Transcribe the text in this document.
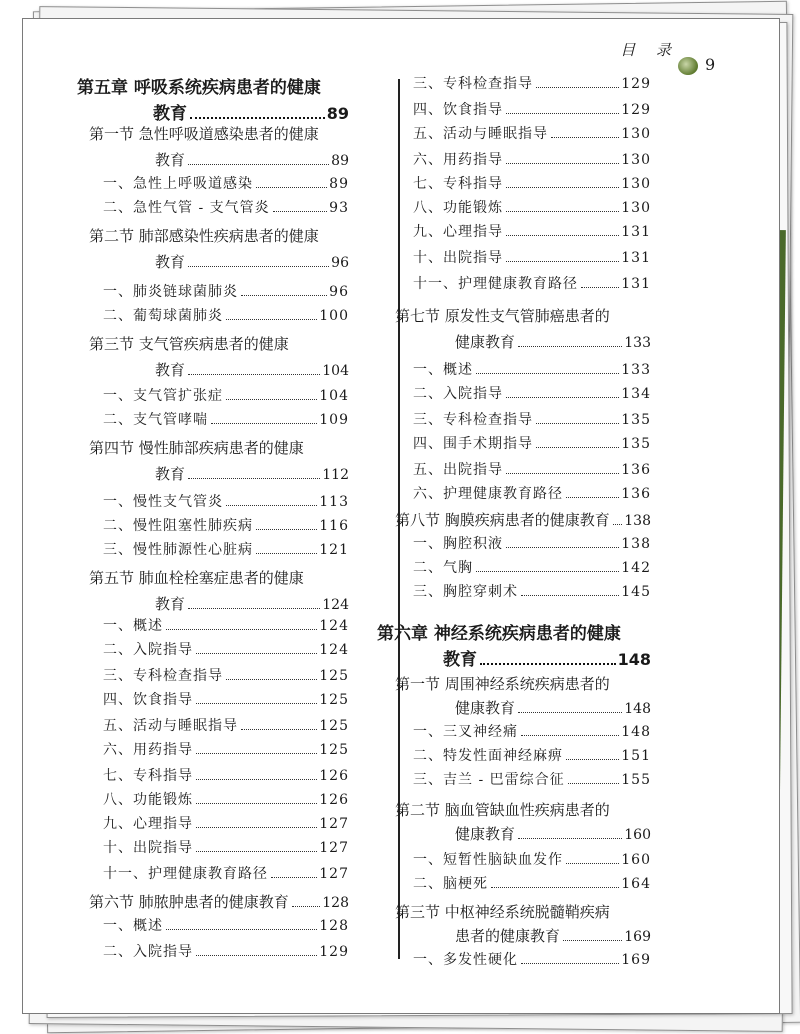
目 录
9
第五章 呼吸系统疾病患者的健康
教育	89
第一节 急性呼吸道感染患者的健康
教育	89
一、急性上呼吸道感染	89
二、急性气管 - 支气管炎	93
第二节 肺部感染性疾病患者的健康
教育	96
一、肺炎链球菌肺炎	96
二、葡萄球菌肺炎	100
第三节 支气管疾病患者的健康
教育	104
一、支气管扩张症	104
二、支气管哮喘	109
第四节 慢性肺部疾病患者的健康
教育	112
一、慢性支气管炎	113
二、慢性阻塞性肺疾病	116
三、慢性肺源性心脏病	121
第五节 肺血栓栓塞症患者的健康
教育	124
一、概述	124
二、入院指导	124
三、专科检查指导	125
四、饮食指导	125
五、活动与睡眠指导	125
六、用药指导	125
七、专科指导	126
八、功能锻炼	126
九、心理指导	127
十、出院指导	127
十一、护理健康教育路径	127
第六节 肺脓肿患者的健康教育 128
一、概述	128
二、入院指导	129
三、专科检查指导	129
四、饮食指导	129
五、活动与睡眠指导	130
六、用药指导	130
七、专科指导	130
八、功能锻炼	130
九、心理指导	131
十、出院指导	131
十一、护理健康教育路径	131
第七节 原发性支气管肺癌患者的
健康教育	133
一、概述	133
二、入院指导	134
三、专科检查指导	135
四、围手术期指导	135
五、出院指导	136
六、护理健康教育路径	136
第八节 胸膜疾病患者的健康教育 138
一、胸腔积液	138
二、气胸	142
三、胸腔穿刺术	145
第六章 神经系统疾病患者的健康
教育	148
第一节 周围神经系统疾病患者的
健康教育	148
一、三叉神经痛	148
二、特发性面神经麻痹	151
三、吉兰 - 巴雷综合征	155
第二节 脑血管缺血性疾病患者的
健康教育	160
一、短暂性脑缺血发作	160
二、脑梗死	164
第三节 中枢神经系统脱髓鞘疾病
患者的健康教育	169
一、多发性硬化	169
